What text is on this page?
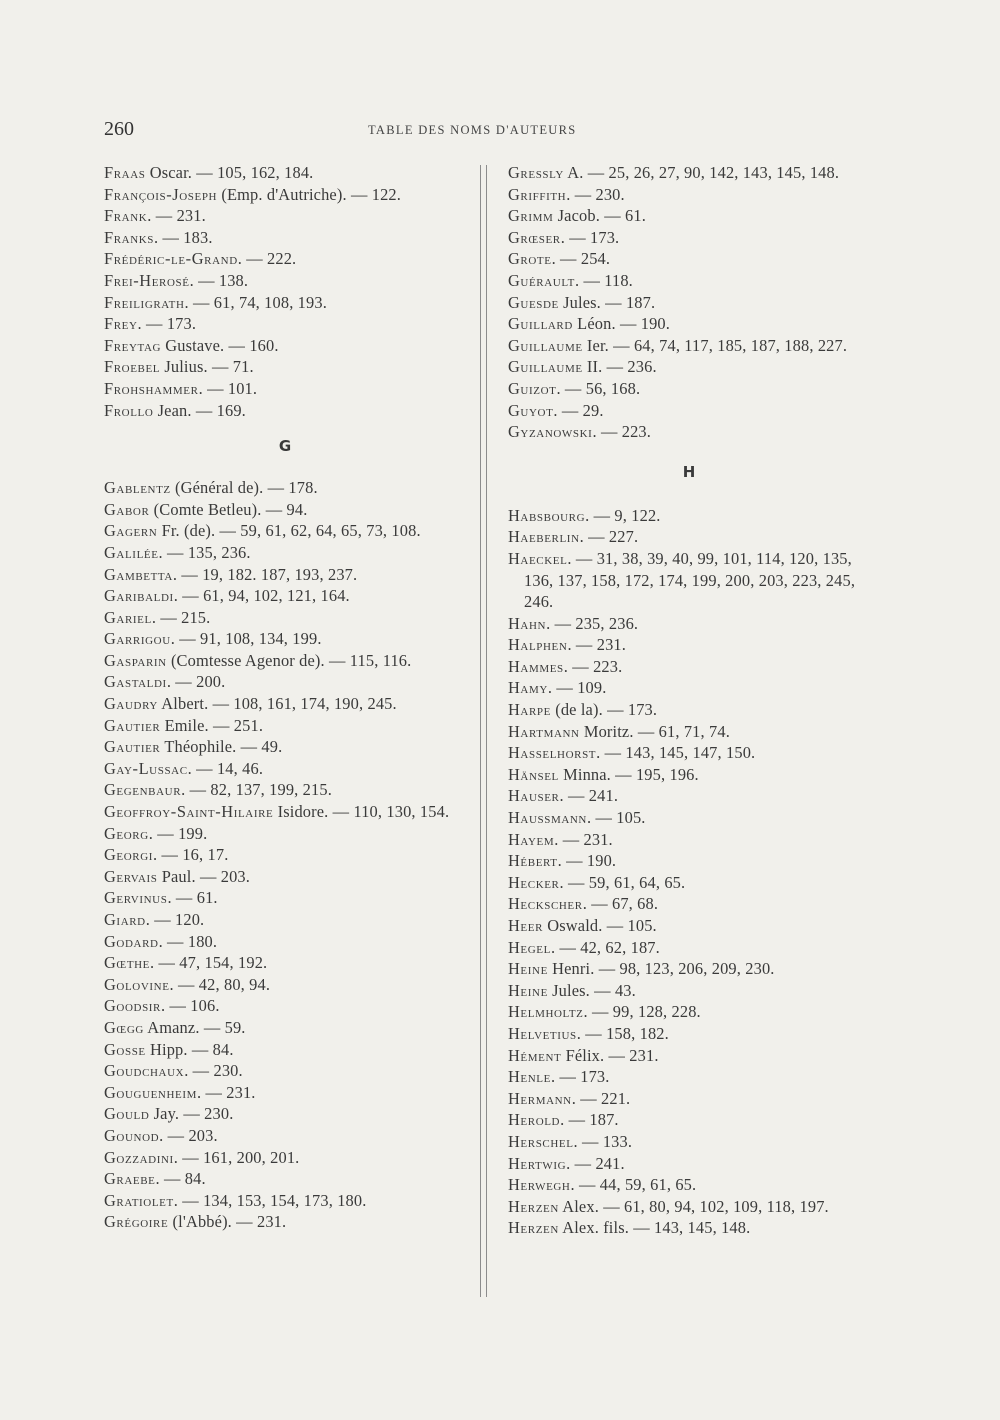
260	TABLE DES NOMS D'AUTEURS
Fraas Oscar. — 105, 162, 184.
François-Joseph (Emp. d'Autriche). — 122.
Frank. — 231.
Franks. — 183.
Frédéric-le-Grand. — 222.
Frei-Herosé. — 138.
Freiligrath. — 61, 74, 108, 193.
Frey. — 173.
Freytag Gustave. — 160.
Froebel Julius. — 71.
Frohshammer. — 101.
Frollo Jean. — 169.
G
Gablentz (Général de). — 178.
Gabor (Comte Betleu). — 94.
Gagern Fr. (de). — 59, 61, 62, 64, 65, 73, 108.
Galilée. — 135, 236.
Gambetta. — 19, 182. 187, 193, 237.
Garibaldi. — 61, 94, 102, 121, 164.
Gariel. — 215.
Garrigou. — 91, 108, 134, 199.
Gasparin (Comtesse Agenor de). — 115, 116.
Gastaldi. — 200.
Gaudry Albert. — 108, 161, 174, 190, 245.
Gautier Emile. — 251.
Gautier Théophile. — 49.
Gay-Lussac. — 14, 46.
Gegenbaur. — 82, 137, 199, 215.
Geoffroy-Saint-Hilaire Isidore. — 110, 130, 154.
Georg. — 199.
Georgi. — 16, 17.
Gervais Paul. — 203.
Gervinus. — 61.
Giard. — 120.
Godard. — 180.
Gœthe. — 47, 154, 192.
Golovine. — 42, 80, 94.
Goodsir. — 106.
Gœgg Amanz. — 59.
Gosse Hipp. — 84.
Goudchaux. — 230.
Gouguenheim. — 231.
Gould Jay. — 230.
Gounod. — 203.
Gozzadini. — 161, 200, 201.
Graebe. — 84.
Gratiolet. — 134, 153, 154, 173, 180.
Grégoire (l'Abbé). — 231.
Gressly A. — 25, 26, 27, 90, 142, 143, 145, 148.
Griffith. — 230.
Grimm Jacob. — 61.
Grœser. — 173.
Grote. — 254.
Guérault. — 118.
Guesde Jules. — 187.
Guillard Léon. — 190.
Guillaume Ier. — 64, 74, 117, 185, 187, 188, 227.
Guillaume II. — 236.
Guizot. — 56, 168.
Guyot. — 29.
Gyzanowski. — 223.
H
Habsbourg. — 9, 122.
Haeberlin. — 227.
Haeckel. — 31, 38, 39, 40, 99, 101, 114, 120, 135, 136, 137, 158, 172, 174, 199, 200, 203, 223, 245, 246.
Hahn. — 235, 236.
Halphen. — 231.
Hammes. — 223.
Hamy. — 109.
Harpe (de la). — 173.
Hartmann Moritz. — 61, 71, 74.
Hasselhorst. — 143, 145, 147, 150.
Hänsel Minna. — 195, 196.
Hauser. — 241.
Haussmann. — 105.
Hayem. — 231.
Hébert. — 190.
Hecker. — 59, 61, 64, 65.
Heckscher. — 67, 68.
Heer Oswald. — 105.
Hegel. — 42, 62, 187.
Heine Henri. — 98, 123, 206, 209, 230.
Heine Jules. — 43.
Helmholtz. — 99, 128, 228.
Helvetius. — 158, 182.
Hément Félix. — 231.
Henle. — 173.
Hermann. — 221.
Herold. — 187.
Herschel. — 133.
Hertwig. — 241.
Herwegh. — 44, 59, 61, 65.
Herzen Alex. — 61, 80, 94, 102, 109, 118, 197.
Herzen Alex. fils. — 143, 145, 148.
